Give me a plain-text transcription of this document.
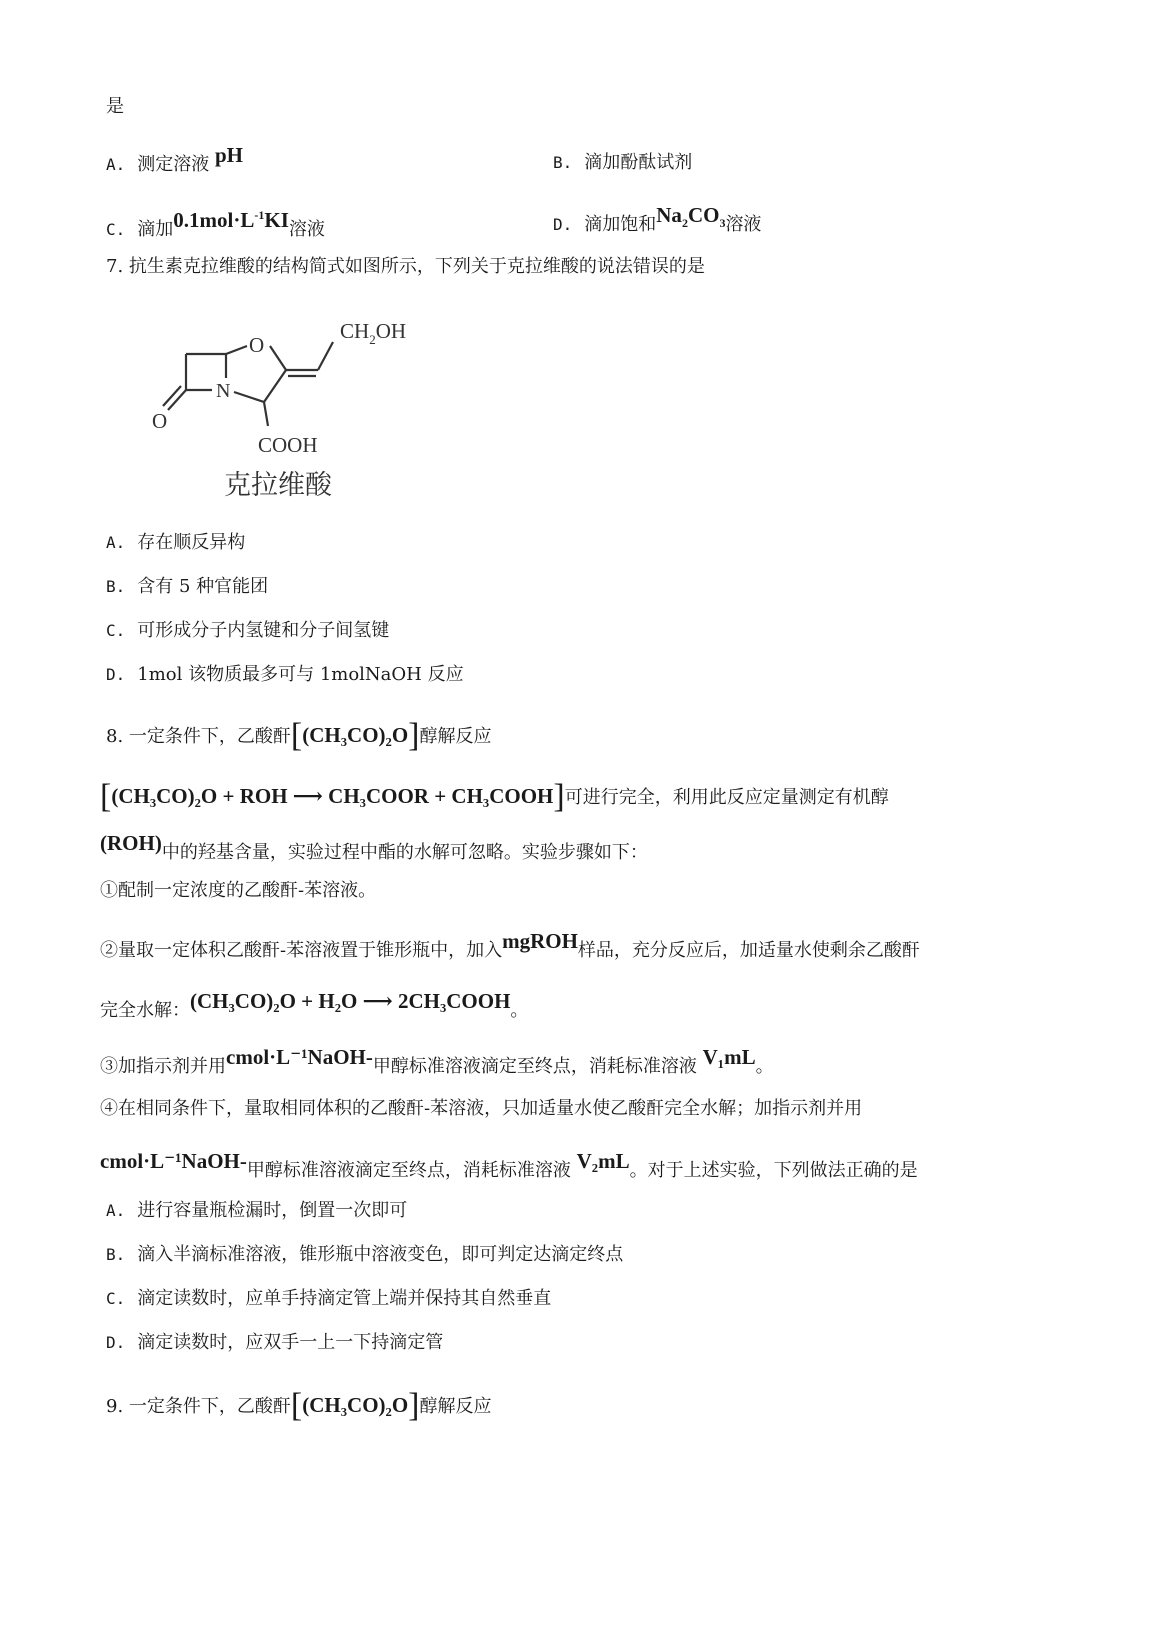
是
A. 测定溶液 pH	B. 滴加酚酞试剂
C. 滴加$0.1mol\cdot L^{-1}KI$溶液	D. 滴加饱和$Na_2CO_3$溶液
7. 抗生素克拉维酸的结构简式如图所示，下列关于克拉维酸的说法错误的是
$CH_2OH$
O
N
O
COOH
克拉维酸
A. 存在顺反异构
B. 含有 5 种官能团
C. 可形成分子内氢键和分子间氢键
D. 1mol 该物质最多可与 1molNaOH 反应
8. 一定条件下，乙酸酐[(CH₃CO)₂O]醇解反应
[(CH₃CO)₂O + ROH ⟶ CH₃COOR + CH₃COOH]可进行完全，利用此反应定量测定有机醇
(ROH)中的羟基含量，实验过程中酯的水解可忽略。实验步骤如下：
①配制一定浓度的乙酸酐-苯溶液。
②量取一定体积乙酸酐-苯溶液置于锥形瓶中，加入mgROH样品，充分反应后，加适量水使剩余乙酸酐
完全水解：(CH₃CO)₂O + H₂O ⟶ 2CH₃COOH。
③加指示剂并用cmol·L⁻¹NaOH-甲醇标准溶液滴定至终点，消耗标准溶液 V₁mL。
④在相同条件下，量取相同体积的乙酸酐-苯溶液，只加适量水使乙酸酐完全水解；加指示剂并用
cmol·L⁻¹NaOH-甲醇标准溶液滴定至终点，消耗标准溶液 V₂mL。对于上述实验，下列做法正确的是
A. 进行容量瓶检漏时，倒置一次即可
B. 滴入半滴标准溶液，锥形瓶中溶液变色，即可判定达滴定终点
C. 滴定读数时，应单手持滴定管上端并保持其自然垂直
D. 滴定读数时，应双手一上一下持滴定管
9. 一定条件下，乙酸酐[(CH₃CO)₂O]醇解反应
